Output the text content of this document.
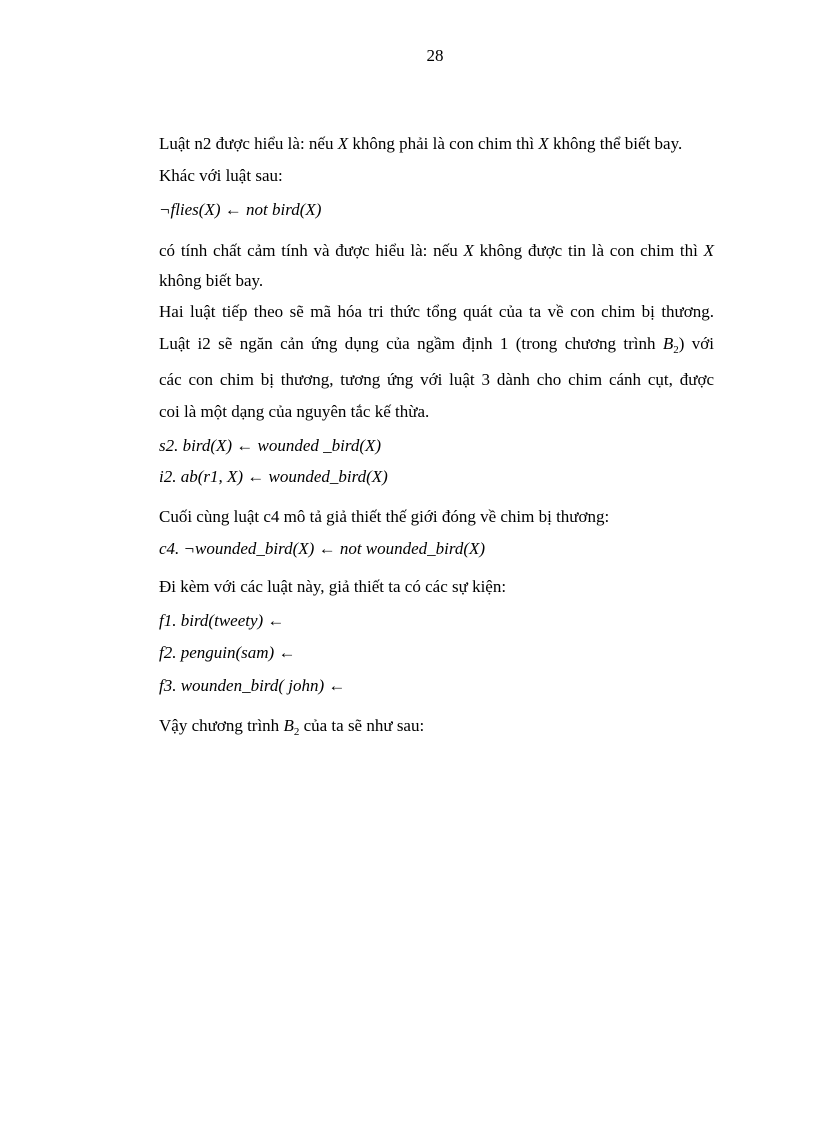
28
Luật n2 được hiểu là: nếu X không phải là con chim thì X không thể biết bay.
Khác với luật sau:
¬flies(X) ← not bird(X)
có tính chất cảm tính và được hiểu là: nếu X không được tin là con chim thì X
không biết bay.
Hai luật tiếp theo sẽ mã hóa tri thức tổng quát của ta về con chim bị thương.
Luật i2 sẽ ngăn cản ứng dụng của ngầm định 1 (trong chương trình $B_2$) với
các con chim bị thương, tương ứng với luật 3 dành cho chim cánh cụt, được
coi là một dạng của nguyên tắc kế thừa.
s2. bird(X) ← wounded _bird(X)
i2. ab(r1, X) ← wounded_bird(X)
Cuối cùng luật c4 mô tả giả thiết thế giới đóng về chim bị thương:
c4. ¬wounded_bird(X) ← not wounded_bird(X)
Đi kèm với các luật này, giả thiết ta có các sự kiện:
f1. bird(tweety) ←
f2. penguin(sam) ←
f3. wounden_bird( john) ←
Vậy chương trình $B_2$ của ta sẽ như sau:
